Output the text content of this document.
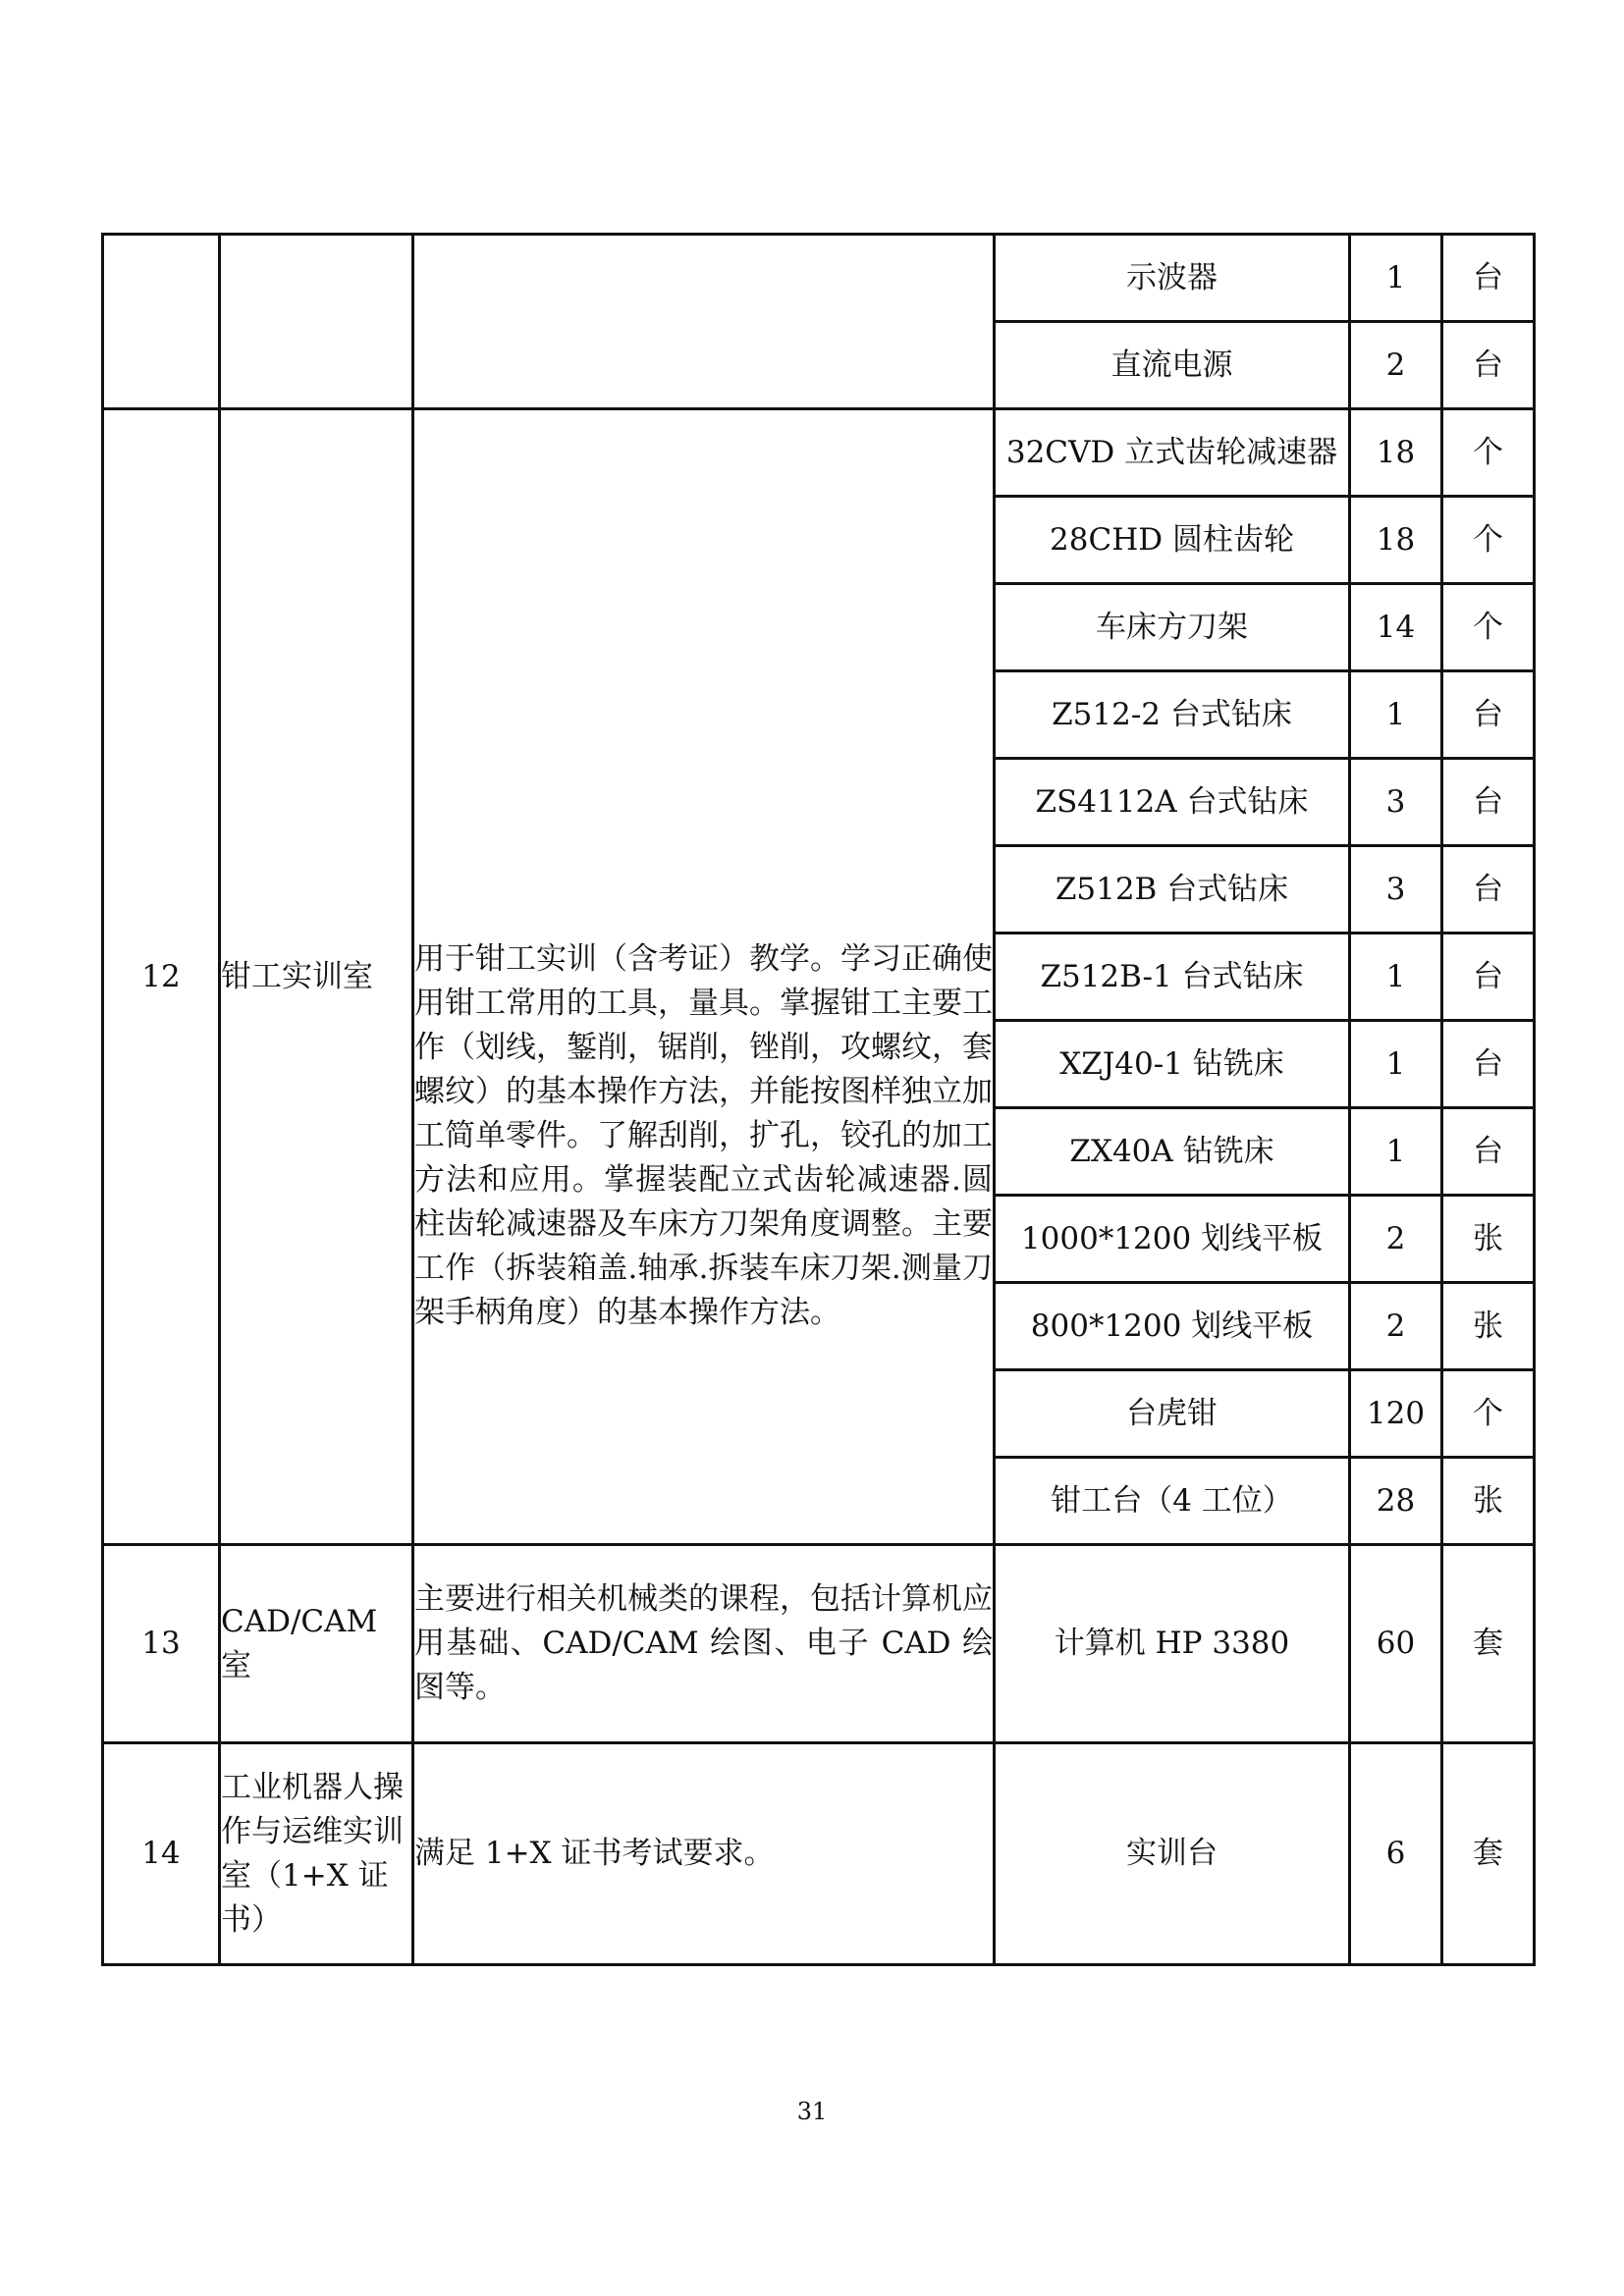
			示波器	1	台
			直流电源	2	台
12	钳工实训室	用于钳工实训（含考证）教学。学习正确使用钳工常用的工具，量具。掌握钳工主要工作（划线，錾削，锯削，锉削，攻螺纹，套螺纹）的基本操作方法，并能按图样独立加工简单零件。了解刮削，扩孔，铰孔的加工方法和应用。掌握装配立式齿轮减速器.圆柱齿轮减速器及车床方刀架角度调整。主要工作（拆装箱盖.轴承.拆装车床刀架.测量刀架手柄角度）的基本操作方法。	32CVD 立式齿轮减速器	18	个
			28CHD 圆柱齿轮	18	个
			车床方刀架	14	个
			Z512-2 台式钻床	1	台
			ZS4112A 台式钻床	3	台
			Z512B 台式钻床	3	台
			Z512B-1 台式钻床	1	台
			XZJ40-1 钻铣床	1	台
			ZX40A 钻铣床	1	台
			1000*1200 划线平板	2	张
			800*1200 划线平板	2	张
			台虎钳	120	个
			钳工台（4 工位）	28	张
13	CAD/CAM 室	主要进行相关机械类的课程，包括计算机应用基础、CAD/CAM 绘图、电子 CAD 绘图等。	计算机 HP 3380	60	套
14	工业机器人操作与运维实训室（1+X 证书）	满足 1+X 证书考试要求。	实训台	6	套
31
